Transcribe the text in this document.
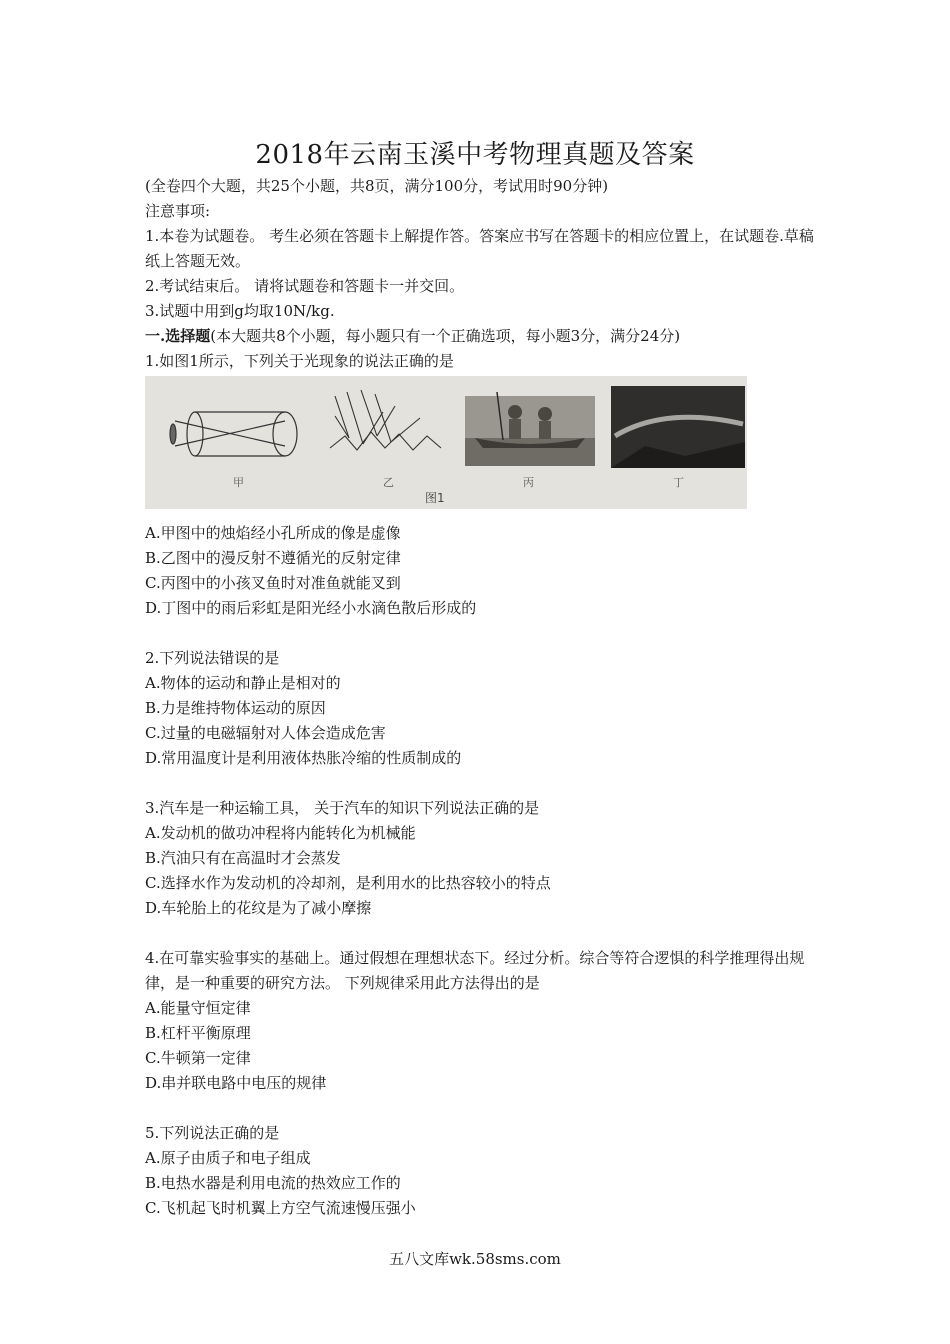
2018年云南玉溪中考物理真题及答案

(全卷四个大题，共25个小题，共8页，满分100分，考试用时90分钟)

注意事项:

1.本卷为试题卷。 考生必须在答题卡上解提作答。答案应书写在答题卡的相应位置上，在试题卷.草稿纸上答题无效。

2.考试结束后。 请将试题卷和答题卡一并交回。

3.试题中用到g均取10N/kg.

一.选择题(本大题共8个小题，每小题只有一个正确选项，每小题3分，满分24分)

1.如图1所示，下列关于光现象的说法正确的是

甲	乙	丙	丁
图1

A.甲图中的烛焰经小孔所成的像是虚像

B.乙图中的漫反射不遵循光的反射定律

C.丙图中的小孩叉鱼时对准鱼就能叉到

D.丁图中的雨后彩虹是阳光经小水滴色散后形成的

2.下列说法错误的是

A.物体的运动和静止是相对的

B.力是维持物体运动的原因

C.过量的电磁辐射对人体会造成危害

D.常用温度计是利用液体热胀冷缩的性质制成的

3.汽车是一种运输工具， 关于汽车的知识下列说法正确的是

A.发动机的做功冲程将内能转化为机械能

B.汽油只有在高温时才会蒸发

C.选择水作为发动机的冷却剂，是利用水的比热容较小的特点

D.车轮胎上的花纹是为了减小摩擦

4.在可靠实验事实的基础上。通过假想在理想状态下。经过分析。综合等符合逻惧的科学推理得出规律，是一种重要的研究方法。 下列规律采用此方法得出的是

A.能量守恒定律

B.杠杆平衡原理

C.牛顿第一定律

D.串并联电路中电压的规律

5.下列说法正确的是

A.原子由质子和电子组成

B.电热水器是利用电流的热效应工作的

C.飞机起飞时机翼上方空气流速慢压强小

五八文库wk.58sms.com
